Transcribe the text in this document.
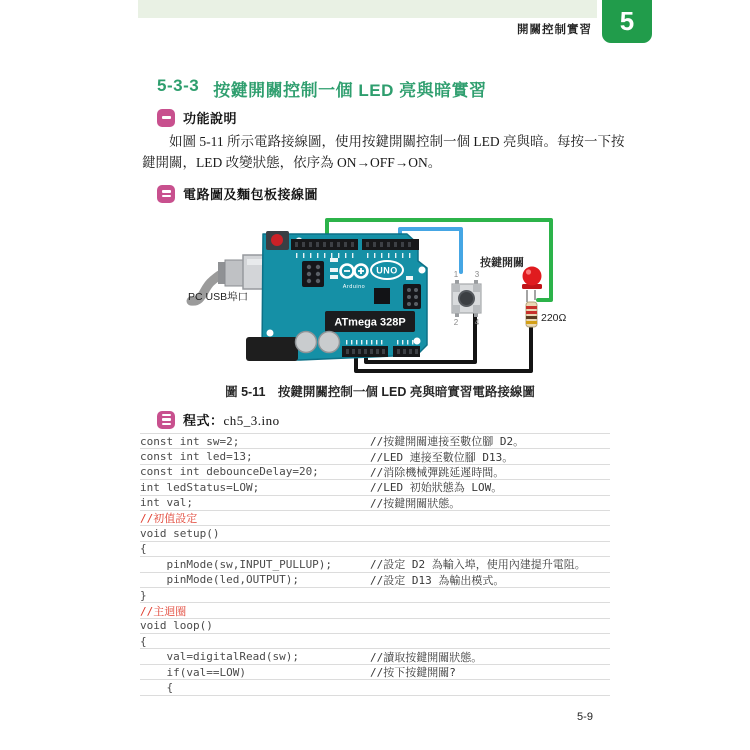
5
開關控制實習
5-3-3 按鍵開關控制一個 LED 亮與暗實習
功能說明
如圖 5-11 所示電路接線圖，使用按鍵開關控制一個 LED 亮與暗。每按一下按
鍵開關，LED 改變狀態，依序為 ON→OFF→ON。
電路圖及麵包板接線圖
Arduino
UNO
ATmega 328P
1 3
2 4
按鍵開關
220Ω
PC USB埠口
圖 5-11　按鍵開關控制一個 LED 亮與暗實習電路接線圖
程式：ch5_3.ino
const int sw=2;	//按鍵開關連接至數位腳 D2。
const int led=13;	//LED 連接至數位腳 D13。
const int debounceDelay=20;	//消除機械彈跳延遲時間。
int ledStatus=LOW;	//LED 初始狀態為 LOW。
int val;	//按鍵開關狀態。
//初值設定
void setup()
{
pinMode(sw,INPUT_PULLUP);	//設定 D2 為輸入埠，使用內建提升電阻。
pinMode(led,OUTPUT);	//設定 D13 為輸出模式。
}
//主迴圈
void loop()
{
val=digitalRead(sw);	//讀取按鍵開關狀態。
if(val==LOW)	//按下按鍵開關?
{
5-9
